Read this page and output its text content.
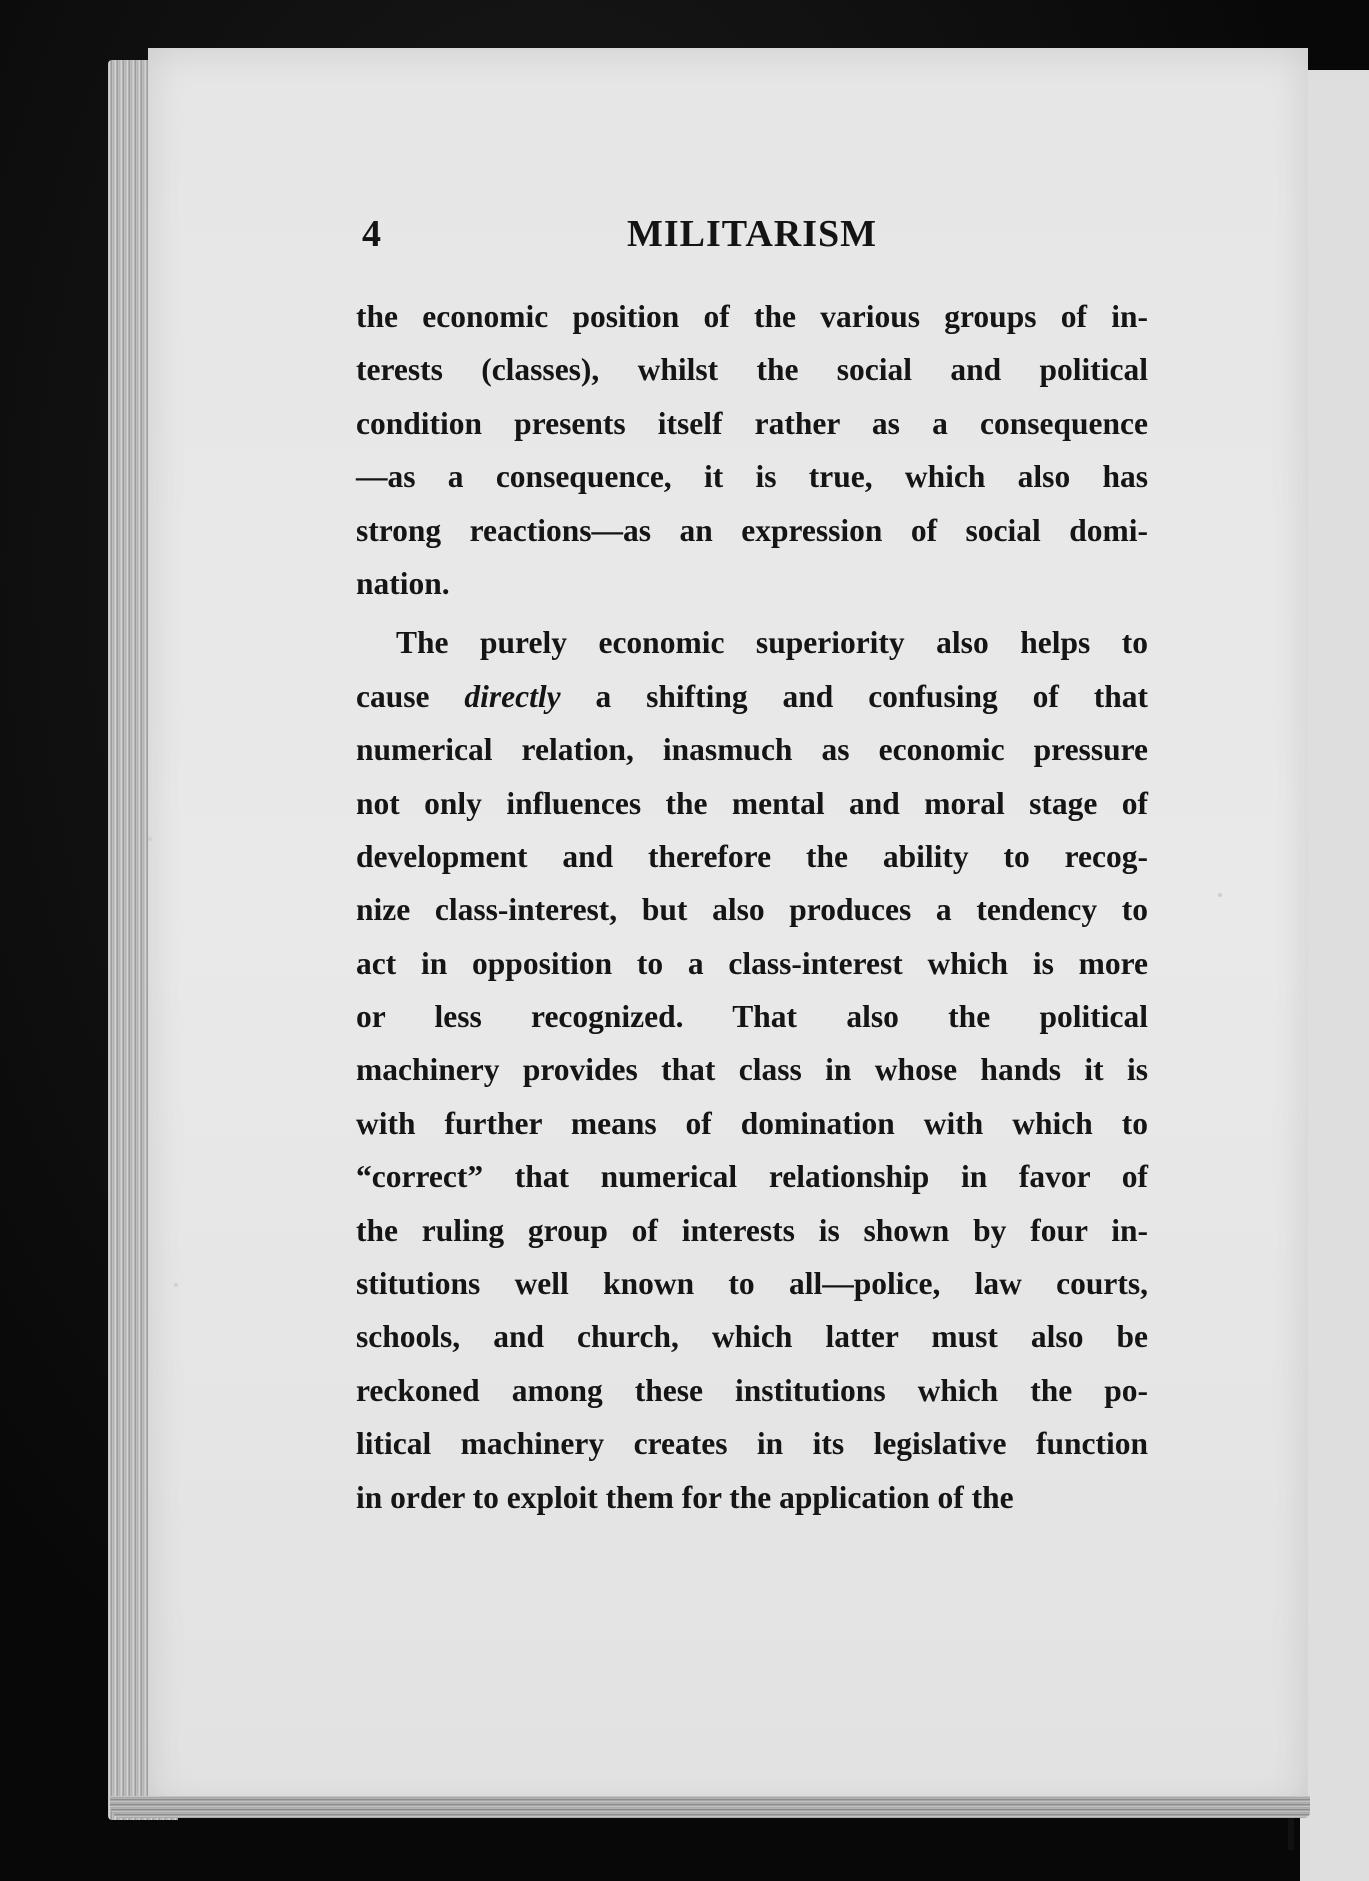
4	MILITARISM
the economic position of the various groups of in-
terests (classes), whilst the social and political
condition presents itself rather as a consequence
—as a consequence, it is true, which also has
strong reactions—as an expression of social domi-
nation.
The purely economic superiority also helps to
cause directly a shifting and confusing of that
numerical relation, inasmuch as economic pressure
not only influences the mental and moral stage of
development and therefore the ability to recog-
nize class-interest, but also produces a tendency to
act in opposition to a class-interest which is more
or less recognized. That also the political
machinery provides that class in whose hands it is
with further means of domination with which to
“correct” that numerical relationship in favor of
the ruling group of interests is shown by four in-
stitutions well known to all—police, law courts,
schools, and church, which latter must also be
reckoned among these institutions which the po-
litical machinery creates in its legislative function
in order to exploit them for the application of the
